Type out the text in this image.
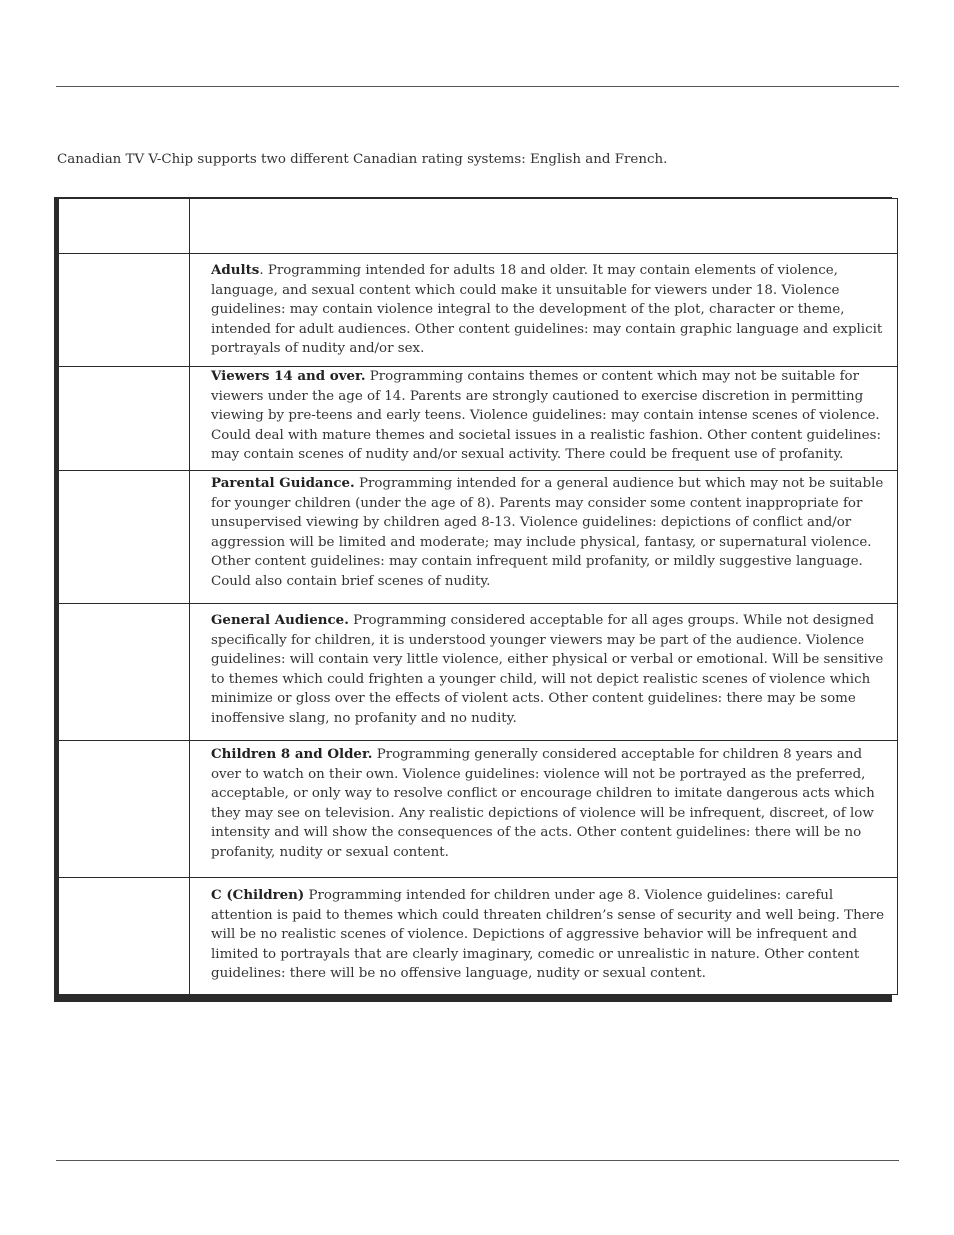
Canadian TV V-Chip supports two different Canadian rating systems: English and French.

Adults. Programming intended for adults 18 and older. It may contain elements of violence, language, and sexual content which could make it unsuitable for viewers under 18. Violence guidelines: may contain violence integral to the development of the plot, character or theme, intended for adult audiences. Other content guidelines: may contain graphic language and explicit portrayals of nudity and/or sex.

Viewers 14 and over. Programming contains themes or content which may not be suitable for viewers under the age of 14. Parents are strongly cautioned to exercise discretion in permitting viewing by pre-teens and early teens. Violence guidelines: may contain intense scenes of violence. Could deal with mature themes and societal issues in a realistic fashion. Other content guidelines: may contain scenes of nudity and/or sexual activity. There could be frequent use of profanity.

Parental Guidance. Programming intended for a general audience but which may not be suitable for younger children (under the age of 8). Parents may consider some content inappropriate for unsupervised viewing by children aged 8-13. Violence guidelines: depictions of conflict and/or aggression will be limited and moderate; may include physical, fantasy, or supernatural violence. Other content guidelines: may contain infrequent mild profanity, or mildly suggestive language. Could also contain brief scenes of nudity.

General Audience. Programming considered acceptable for all ages groups. While not designed specifically for children, it is understood younger viewers may be part of the audience. Violence guidelines: will contain very little violence, either physical or verbal or emotional. Will be sensitive to themes which could frighten a younger child, will not depict realistic scenes of violence which minimize or gloss over the effects of violent acts. Other content guidelines: there may be some inoffensive slang, no profanity and no nudity.

Children 8 and Older. Programming generally considered acceptable for children 8 years and over to watch on their own. Violence guidelines: violence will not be portrayed as the preferred, acceptable, or only way to resolve conflict or encourage children to imitate dangerous acts which they may see on television. Any realistic depictions of violence will be infrequent, discreet, of low intensity and will show the consequences of the acts. Other content guidelines: there will be no profanity, nudity or sexual content.

C (Children) Programming intended for children under age 8. Violence guidelines: careful attention is paid to themes which could threaten children’s sense of security and well being. There will be no realistic scenes of violence. Depictions of aggressive behavior will be infrequent and limited to portrayals that are clearly imaginary, comedic or unrealistic in nature. Other content guidelines: there will be no offensive language, nudity or sexual content.
